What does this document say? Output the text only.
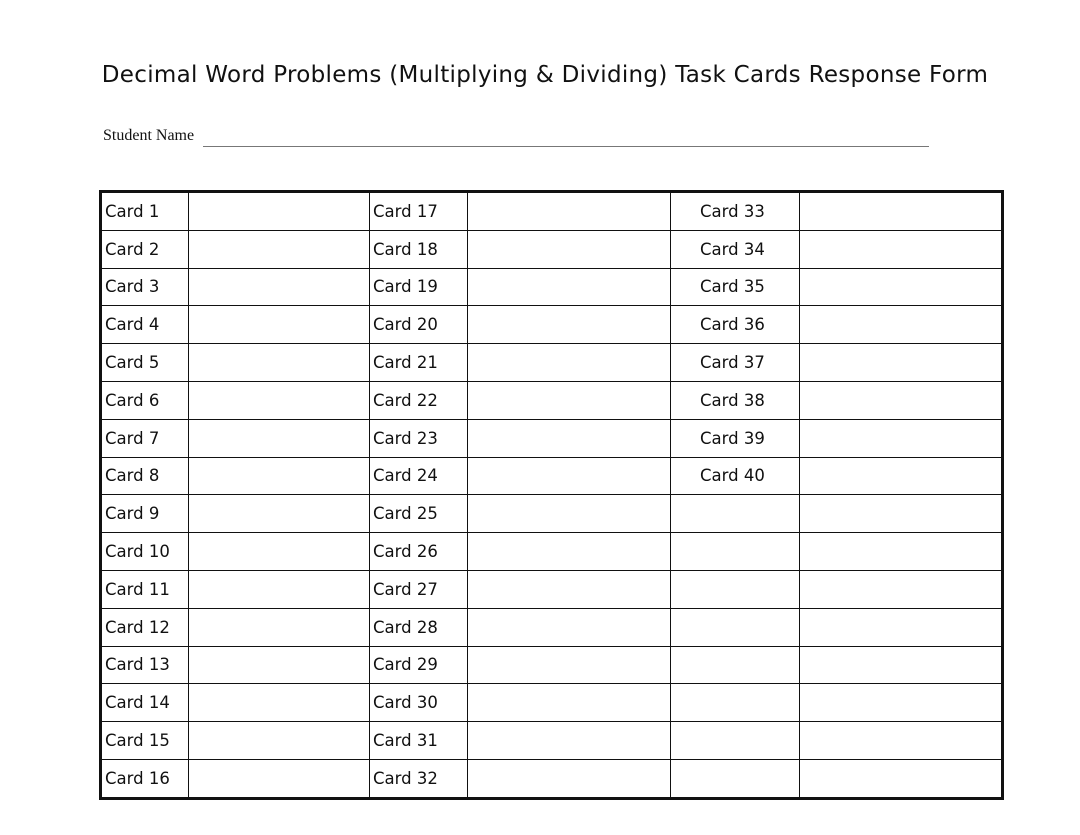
Decimal Word Problems (Multiplying & Dividing) Task Cards Response Form
Student Name
Card 1		Card 17		Card 33	
Card 2		Card 18		Card 34	
Card 3		Card 19		Card 35	
Card 4		Card 20		Card 36	
Card 5		Card 21		Card 37	
Card 6		Card 22		Card 38	
Card 7		Card 23		Card 39	
Card 8		Card 24		Card 40	
Card 9		Card 25			
Card 10		Card 26			
Card 11		Card 27			
Card 12		Card 28			
Card 13		Card 29			
Card 14		Card 30			
Card 15		Card 31			
Card 16		Card 32			
